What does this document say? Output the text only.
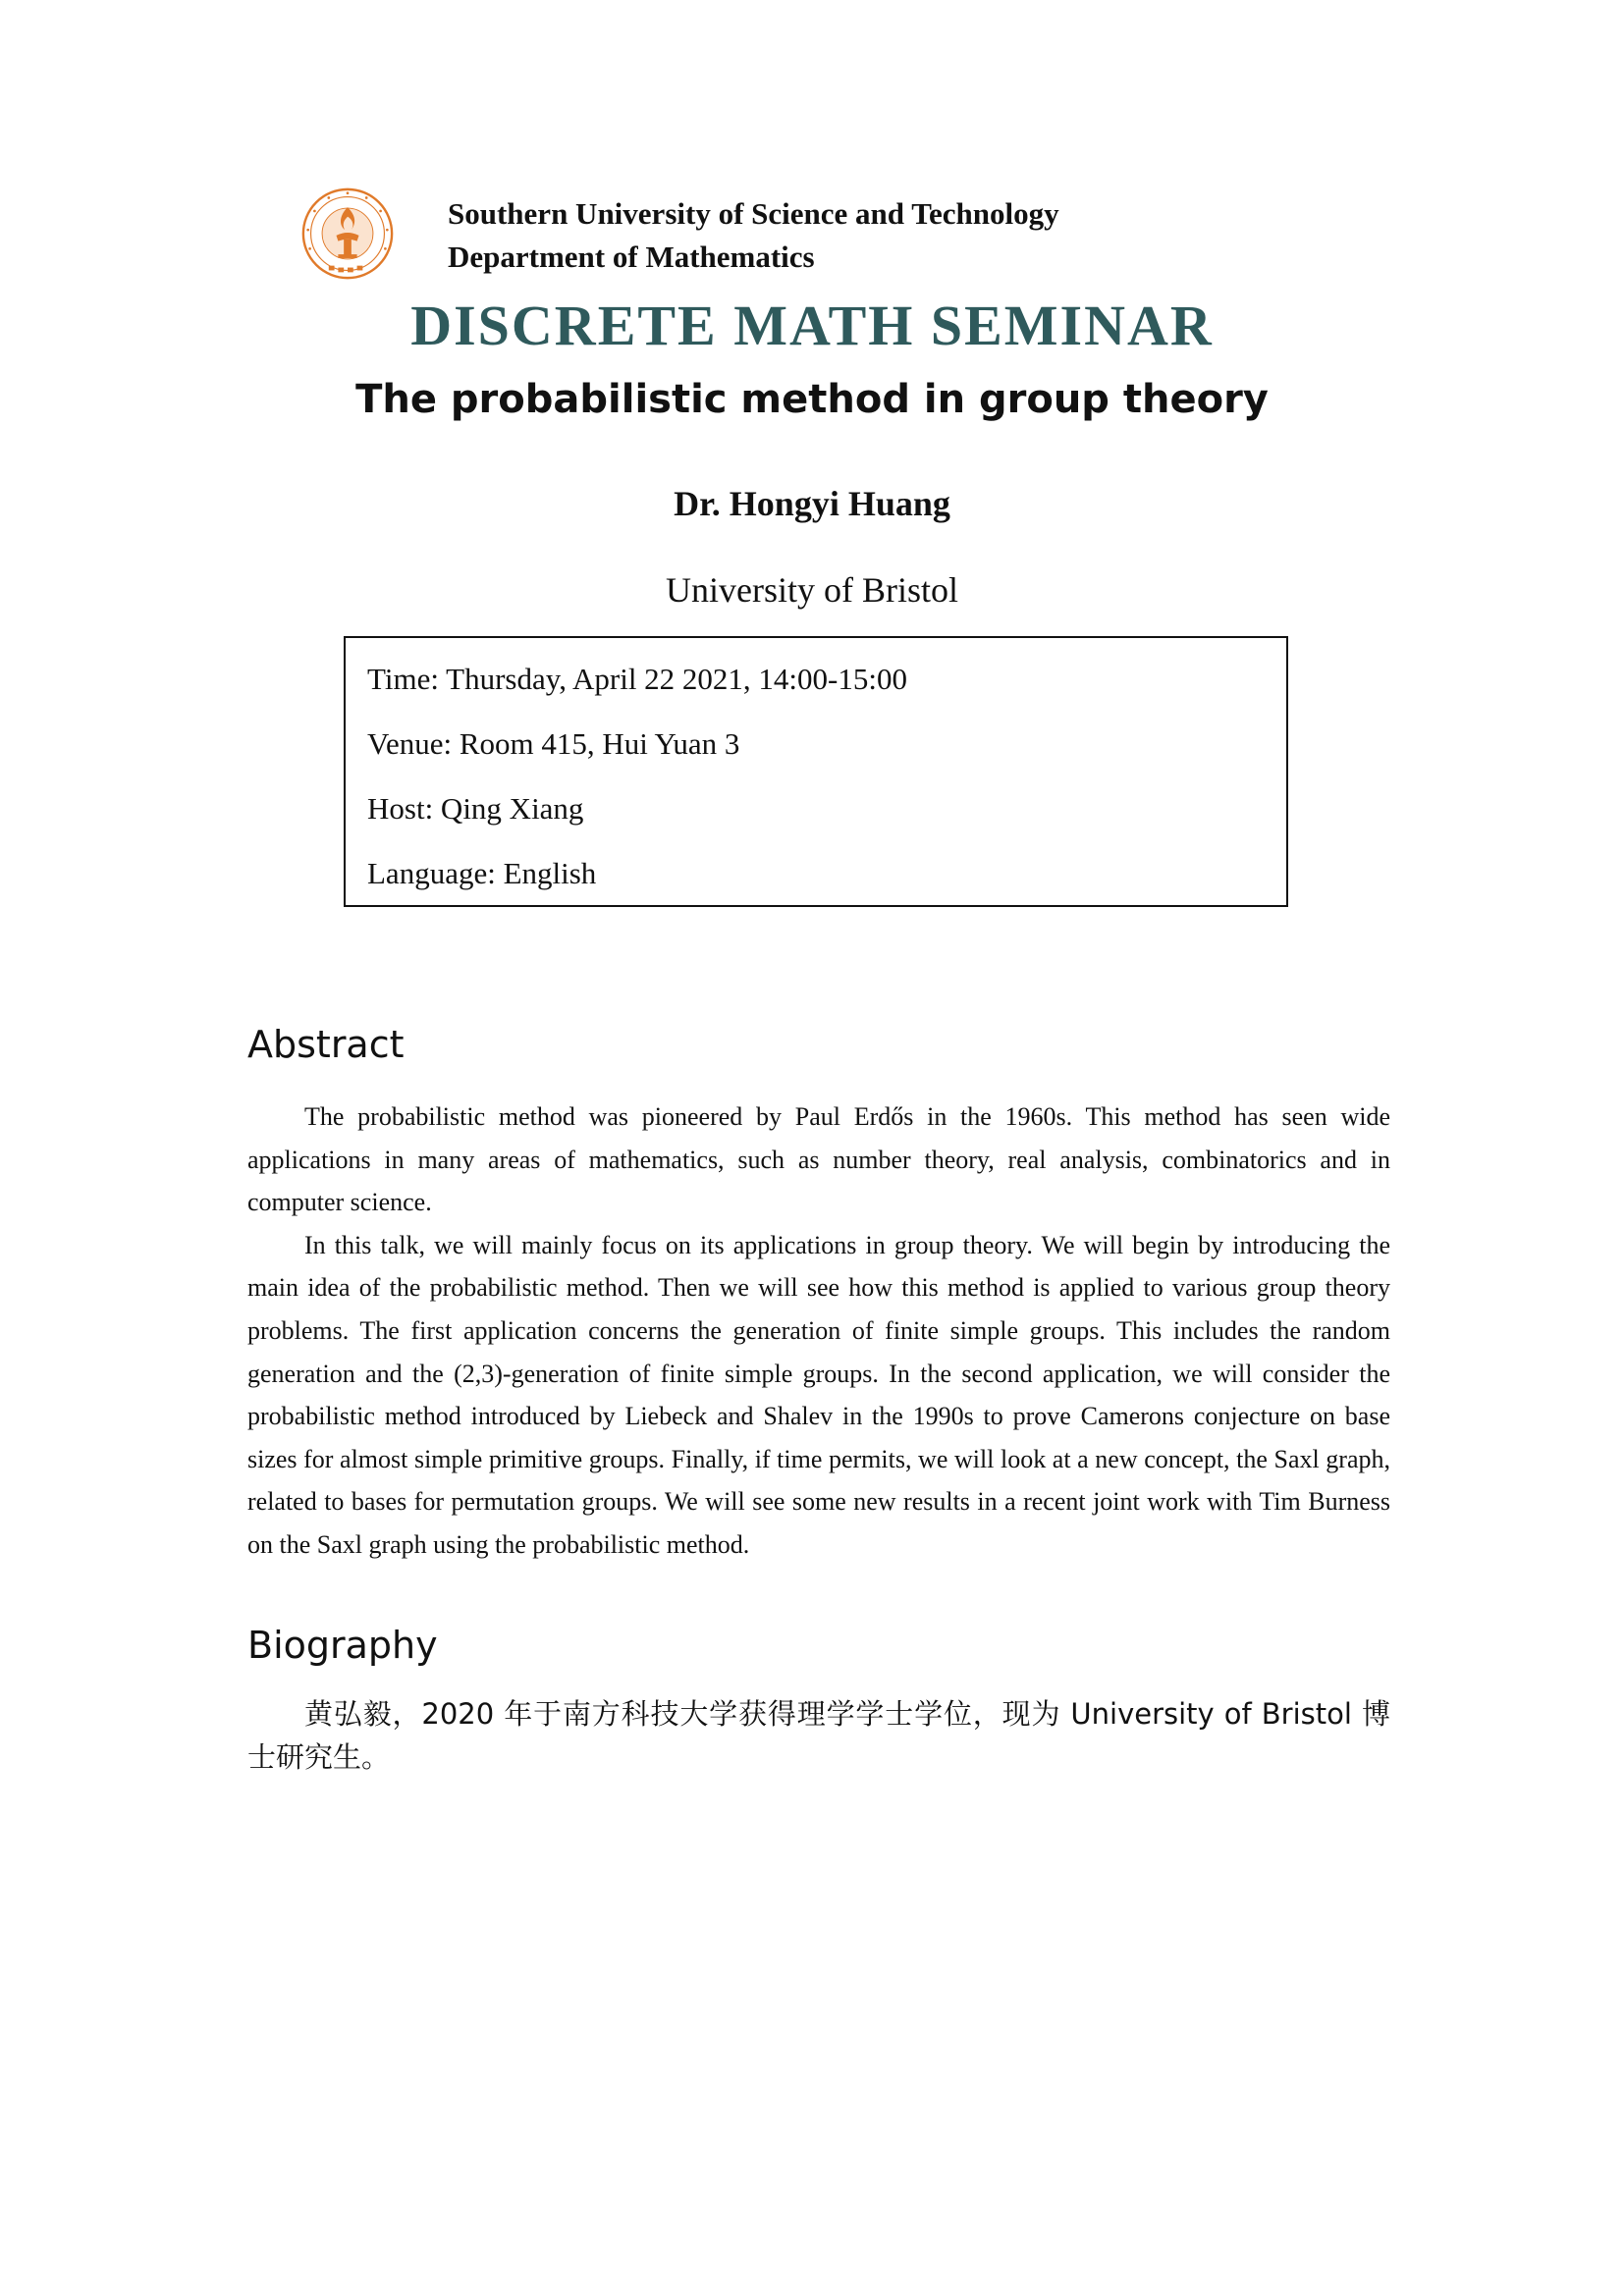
Southern University of Science and Technology
Department of Mathematics
DISCRETE MATH SEMINAR
The probabilistic method in group theory
Dr. Hongyi Huang
University of Bristol
Time: Thursday, April 22 2021, 14:00-15:00
Venue: Room 415, Hui Yuan 3
Host: Qing Xiang
Language: English
Abstract

The probabilistic method was pioneered by Paul Erdős in the 1960s. This method has seen wide applications in many areas of mathematics, such as number theory, real analysis, combinatorics and in computer science.

In this talk, we will mainly focus on its applications in group theory. We will begin by introducing the main idea of the probabilistic method. Then we will see how this method is applied to various group theory problems. The first application concerns the generation of finite simple groups. This includes the random generation and the (2,3)-generation of finite simple groups. In the second application, we will consider the probabilistic method introduced by Liebeck and Shalev in the 1990s to prove Camerons conjecture on base sizes for almost simple primitive groups. Finally, if time permits, we will look at a new concept, the Saxl graph, related to bases for permutation groups. We will see some new results in a recent joint work with Tim Burness on the Saxl graph using the probabilistic method.

Biography

黄弘毅，2020 年于南方科技大学获得理学学士学位，现为 University of Bristol 博士研究生。
